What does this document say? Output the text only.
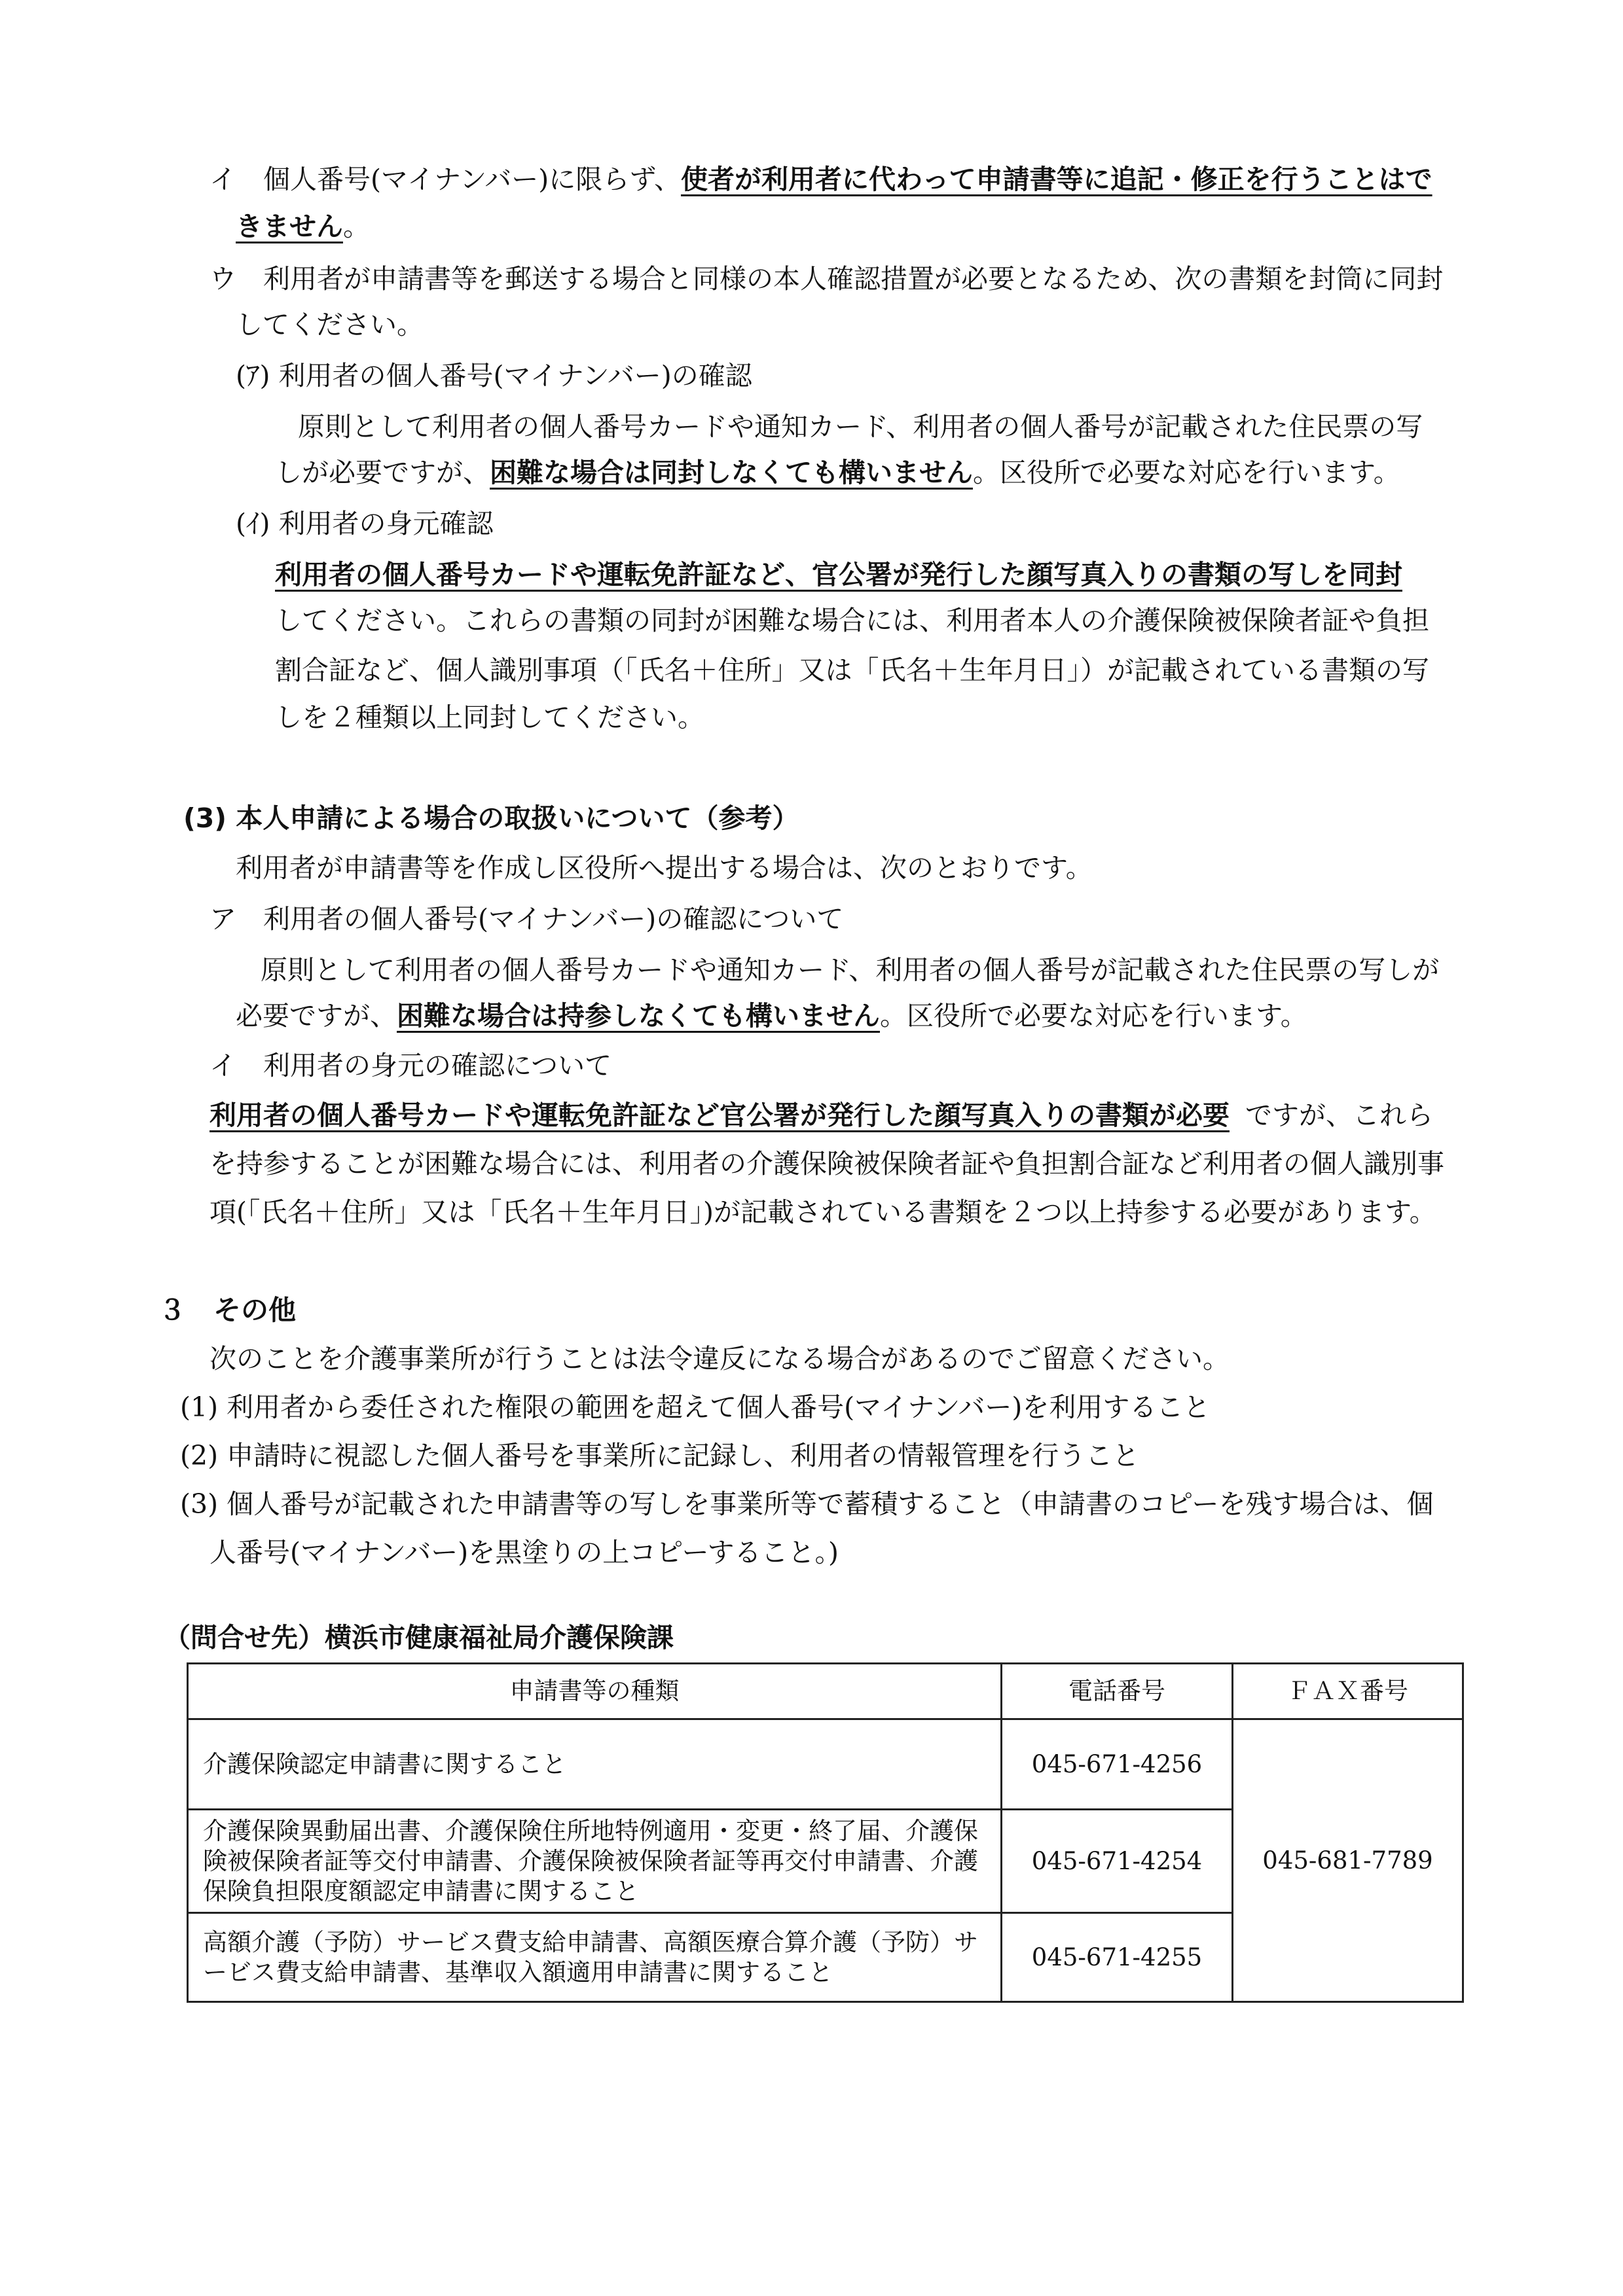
イ　個人番号(マイナンバー)に限らず、使者が利用者に代わって申請書等に追記・修正を行うことはで
きません。
ウ　利用者が申請書等を郵送する場合と同様の本人確認措置が必要となるため、次の書類を封筒に同封
してください。
(ｱ) 利用者の個人番号(マイナンバー)の確認
原則として利用者の個人番号カードや通知カード、利用者の個人番号が記載された住民票の写
しが必要ですが、困難な場合は同封しなくても構いません。区役所で必要な対応を行います。
(ｲ) 利用者の身元確認
利用者の個人番号カードや運転免許証など、官公署が発行した顔写真入りの書類の写しを同封
してください。これらの書類の同封が困難な場合には、利用者本人の介護保険被保険者証や負担
割合証など、個人識別事項（「氏名＋住所」又は「氏名＋生年月日」）が記載されている書類の写
しを２種類以上同封してください。
(3) 本人申請による場合の取扱いについて（参考）
利用者が申請書等を作成し区役所へ提出する場合は、次のとおりです。
ア　利用者の個人番号(マイナンバー)の確認について
原則として利用者の個人番号カードや通知カード、利用者の個人番号が記載された住民票の写しが
必要ですが、困難な場合は持参しなくても構いません。区役所で必要な対応を行います。
イ　利用者の身元の確認について
利用者の個人番号カードや運転免許証など官公署が発行した顔写真入りの書類が必要 ですが、これら
を持参することが困難な場合には、利用者の介護保険被保険者証や負担割合証など利用者の個人識別事
項(「氏名＋住所」又は「氏名＋生年月日」)が記載されている書類を２つ以上持参する必要があります。
３　その他
次のことを介護事業所が行うことは法令違反になる場合があるのでご留意ください。
(1) 利用者から委任された権限の範囲を超えて個人番号(マイナンバー)を利用すること
(2) 申請時に視認した個人番号を事業所に記録し、利用者の情報管理を行うこと
(3) 個人番号が記載された申請書等の写しを事業所等で蓄積すること（申請書のコピーを残す場合は、個
人番号(マイナンバー)を黒塗りの上コピーすること。)
（問合せ先）横浜市健康福祉局介護保険課
申請書等の種類	電話番号	ＦＡＸ番号
介護保険認定申請書に関すること	045-671-4256	045-681-7789
介護保険異動届出書、介護保険住所地特例適用・変更・終了届、介護保険被保険者証等交付申請書、介護保険被保険者証等再交付申請書、介護保険負担限度額認定申請書に関すること	045-671-4254	
高額介護（予防）サービス費支給申請書、高額医療合算介護（予防）サービス費支給申請書、基準収入額適用申請書に関すること	045-671-4255	
